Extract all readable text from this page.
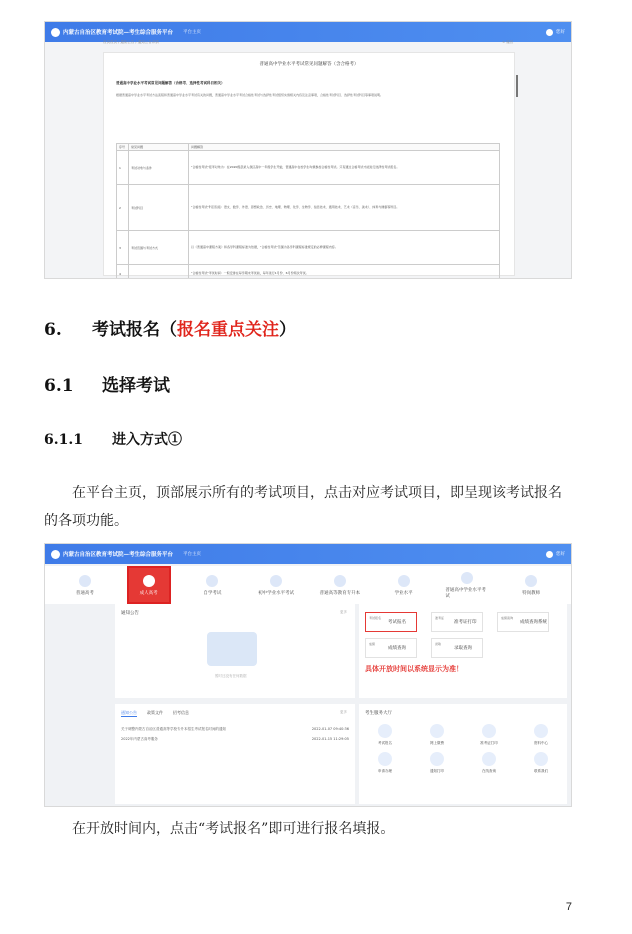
内蒙古自治区教育考试院—考生综合服务平台 平台主页	您好
首页首页 / 通知公告 / 通知公告详情	< 返回
普通高中学业水平考试常见问题解答（含合格考）
普通高中学业水平考试常见问题解答（合格考、选择性考试科目相关）
根据普通高中学业水平考试方法流程和普通高中学业水平考试有关的问题，普通高中学业水平考试合格性考试与选择性考试组织实施相关内容及注意事项，合格性考试科目、选择性考试科目等事项说明。
序号	常见问题	问题解答
1	考试对象与条件	"合格性考试"报考对象为：在2020级起录入我区高中一年级学生开始，普通高中在校学生均须参加合格性考试。只有通过合格考试才能进行选择性考试报名。
2	考试科目	"合格性考试"科目包括：语文、数学、外语、思想政治、历史、地理、物理、化学、生物学、信息技术、通用技术、艺术（音乐、美术）、体育与健康等科目。
3	考试范围与考试方式	以《普通高中课程方案》和各学科课程标准为依据，"合格性考试"范围为各学科课程标准规定的必修课程内容。
4		"合格性考试"考试时间：一般安排在每学期末考试前，每年进行1月份、6月份两次考试。
6. 考试报名（报名重点关注）
6.1 选择考试
6.1.1 进入方式①
在平台主页，顶部展示所有的考试项目，点击对应考试项目，即呈现该考试报名的各项功能。
内蒙古自治区教育考试院—考生综合服务平台 平台主页	您好
普通高考	成人高考	自学考试	初中学业水平考试	普通高等教育专升本	学业水平
普通高中学业水平考试
特岗教师
通知公告	更多
暂时还没有任何数据
考试报名
考试报名
准考证
准考证打印
成绩查询
成绩查询系统
成绩
成绩查询
录取
录取查询
具体开放时间以系统显示为准！
通知公告	政策文件	招考信息	更多
关于调整内蒙古自治区普通高等学校专升本招生考试报名时间的通知	2022-01-07 09:40:36
2022年内蒙古高考服务	2022-01-15 11:29:05
考生服务大厅
考试报名	网上缴费	准考证打印	资料中心
申请办理	通知打印	在线查询	联系我们
在开放时间内，点击“考试报名”即可进行报名填报。
7
